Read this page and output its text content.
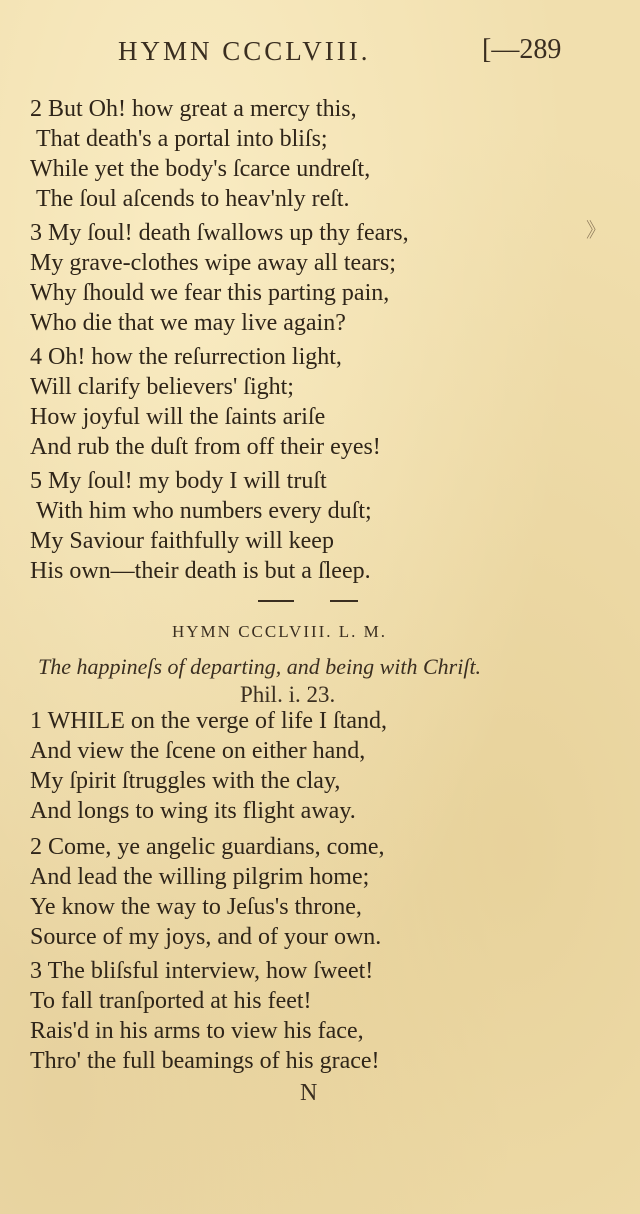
HYMN CCCLVIII.	[—289
》
2 But Oh! how great a mercy this,
That death's a portal into bliſs;
While yet the body's ſcarce undreſt,
The ſoul aſcends to heav'nly reſt.
3 My ſoul! death ſwallows up thy fears,
My grave-clothes wipe away all tears;
Why ſhould we fear this parting pain,
Who die that we may live again?
4 Oh! how the reſurrection light,
Will clarify believers' ſight;
How joyful will the ſaints ariſe
And rub the duſt from off their eyes!
5 My ſoul! my body I will truſt
With him who numbers every duſt;
My Saviour faithfully will keep
His own—their death is but a ſleep.
HYMN CCCLVIII. L. M.
The happineſs of departing, and being with Chriſt.
Phil. i. 23.
1 WHILE on the verge of life I ſtand,
And view the ſcene on either hand,
My ſpirit ſtruggles with the clay,
And longs to wing its flight away.
2 Come, ye angelic guardians, come,
And lead the willing pilgrim home;
Ye know the way to Jeſus's throne,
Source of my joys, and of your own.
3 The bliſsful interview, how ſweet!
To fall tranſported at his feet!
Rais'd in his arms to view his face,
Thro' the full beamings of his grace!
N
